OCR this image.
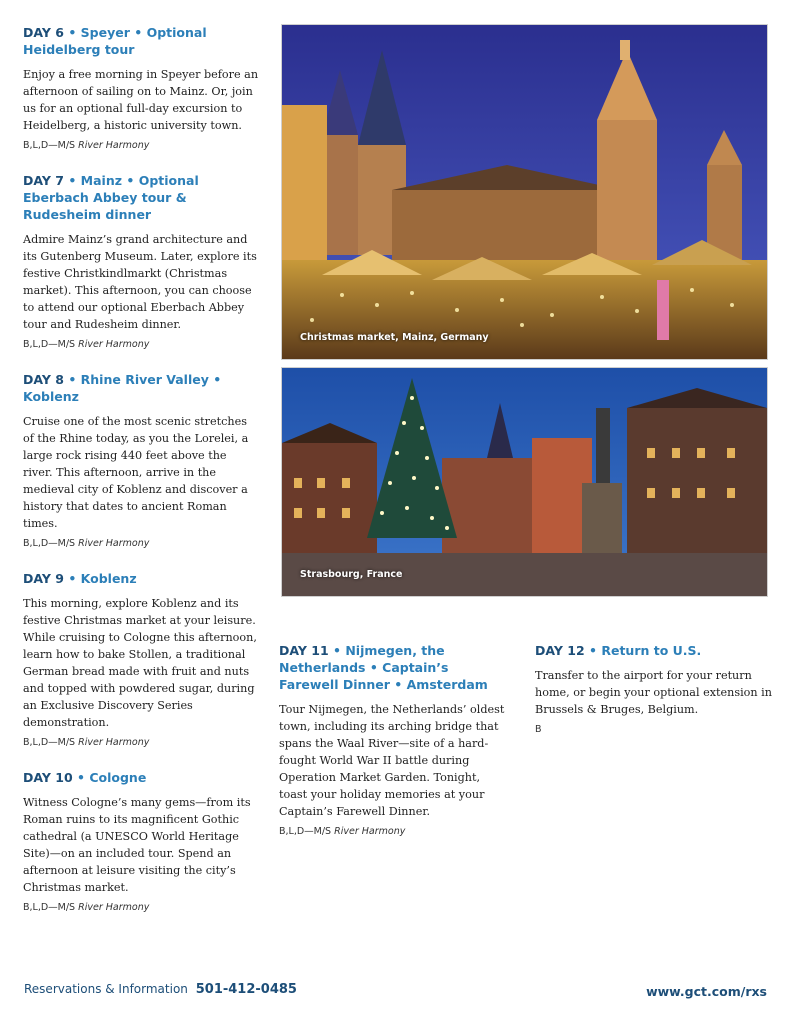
DAY 6 • Speyer • Optional Heidelberg tour

Enjoy a free morning in Speyer before an afternoon of sailing on to Mainz. Or, join us for an optional full-day excursion to Heidelberg, a historic university town.

B,L,D—M/S River Harmony
DAY 7 • Mainz • Optional Eberbach Abbey tour & Rudesheim dinner

Admire Mainz’s grand architecture and its Gutenberg Museum. Later, explore its festive Christkindlmarkt (Christmas market). This afternoon, you can choose to attend our optional Eberbach Abbey tour and Rudesheim dinner.

B,L,D—M/S River Harmony
DAY 8 • Rhine River Valley • Koblenz

Cruise one of the most scenic stretches of the Rhine today, as you the Lorelei, a large rock rising 440 feet above the river. This afternoon, arrive in the medieval city of Koblenz and discover a history that dates to ancient Roman times.

B,L,D—M/S River Harmony
DAY 9 • Koblenz

This morning, explore Koblenz and its festive Christmas market at your leisure. While cruising to Cologne this afternoon, learn how to bake Stollen, a traditional German bread made with fruit and nuts and topped with powdered sugar, during an Exclusive Discovery Series demonstration.

B,L,D—M/S River Harmony
DAY 10 • Cologne

Witness Cologne’s many gems—from its Roman ruins to its magnificent Gothic cathedral (a UNESCO World Heritage Site)—on an included tour. Spend an afternoon at leisure visiting the city’s Christmas market.

B,L,D—M/S River Harmony
Christmas market, Mainz, Germany
Strasbourg, France
DAY 11 • Nijmegen, the Netherlands • Captain’s Farewell Dinner • Amsterdam

Tour Nijmegen, the Netherlands’ oldest town, including its arching bridge that spans the Waal River—site of a hard-fought World War II battle during Operation Market Garden. Tonight, toast your holiday memories at your Captain’s Farewell Dinner.

B,L,D—M/S River Harmony
DAY 12 • Return to U.S.

Transfer to the airport for your return home, or begin your optional extension in Brussels & Bruges, Belgium.

B
Reservations & Information 501-412-0485	www.gct.com/rxs
